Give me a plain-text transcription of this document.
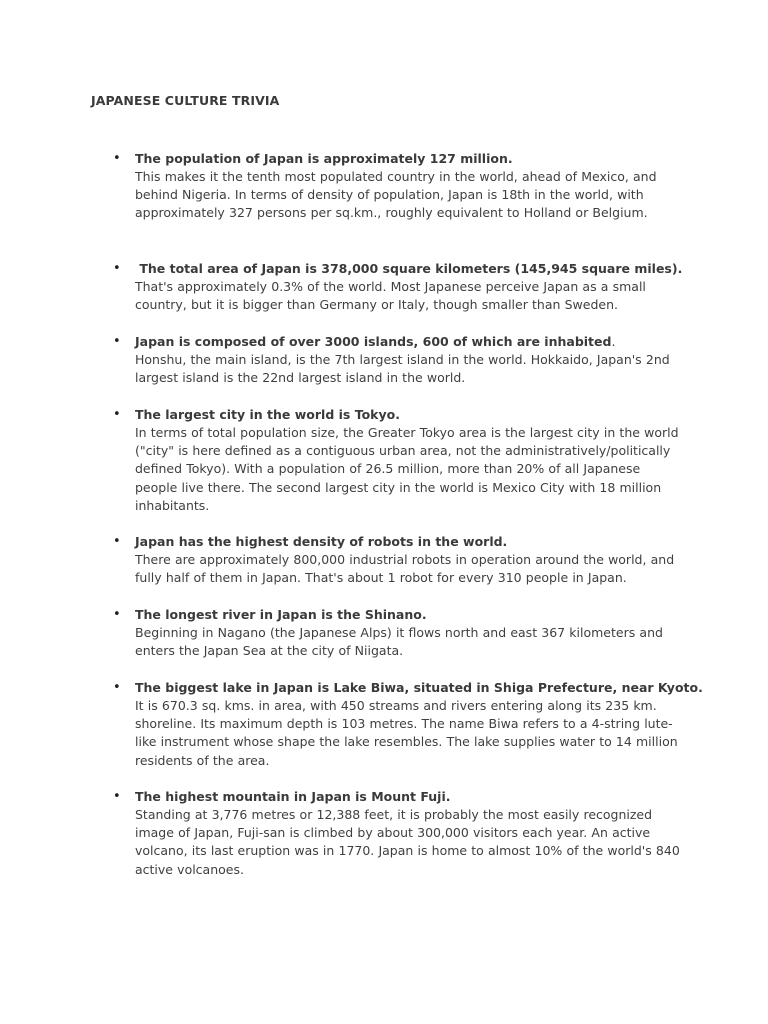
JAPANESE CULTURE TRIVIA
•	The population of Japan is approximately 127 million.
This makes it the tenth most populated country in the world, ahead of Mexico, and behind Nigeria. In terms of density of population, Japan is 18th in the world, with approximately 327 persons per sq.km., roughly equivalent to Holland or Belgium.
•	The total area of Japan is 378,000 square kilometers (145,945 square miles).
That's approximately 0.3% of the world. Most Japanese perceive Japan as a small country, but it is bigger than Germany or Italy, though smaller than Sweden.
•	Japan is composed of over 3000 islands, 600 of which are inhabited.
Honshu, the main island, is the 7th largest island in the world. Hokkaido, Japan's 2nd largest island is the 22nd largest island in the world.
•	The largest city in the world is Tokyo.
In terms of total population size, the Greater Tokyo area is the largest city in the world ("city" is here defined as a contiguous urban area, not the administratively/politically defined Tokyo). With a population of 26.5 million, more than 20% of all Japanese people live there. The second largest city in the world is Mexico City with 18 million inhabitants.
•	Japan has the highest density of robots in the world.
There are approximately 800,000 industrial robots in operation around the world, and fully half of them in Japan. That's about 1 robot for every 310 people in Japan.
•	The longest river in Japan is the Shinano.
Beginning in Nagano (the Japanese Alps) it flows north and east 367 kilometers and enters the Japan Sea at the city of Niigata.
•	The biggest lake in Japan is Lake Biwa, situated in Shiga Prefecture, near Kyoto.
It is 670.3 sq. kms. in area, with 450 streams and rivers entering along its 235 km. shoreline. Its maximum depth is 103 metres. The name Biwa refers to a 4-string lute-like instrument whose shape the lake resembles. The lake supplies water to 14 million residents of the area.
•	The highest mountain in Japan is Mount Fuji.
Standing at 3,776 metres or 12,388 feet, it is probably the most easily recognized image of Japan, Fuji-san is climbed by about 300,000 visitors each year. An active volcano, its last eruption was in 1770. Japan is home to almost 10% of the world's 840 active volcanoes.
